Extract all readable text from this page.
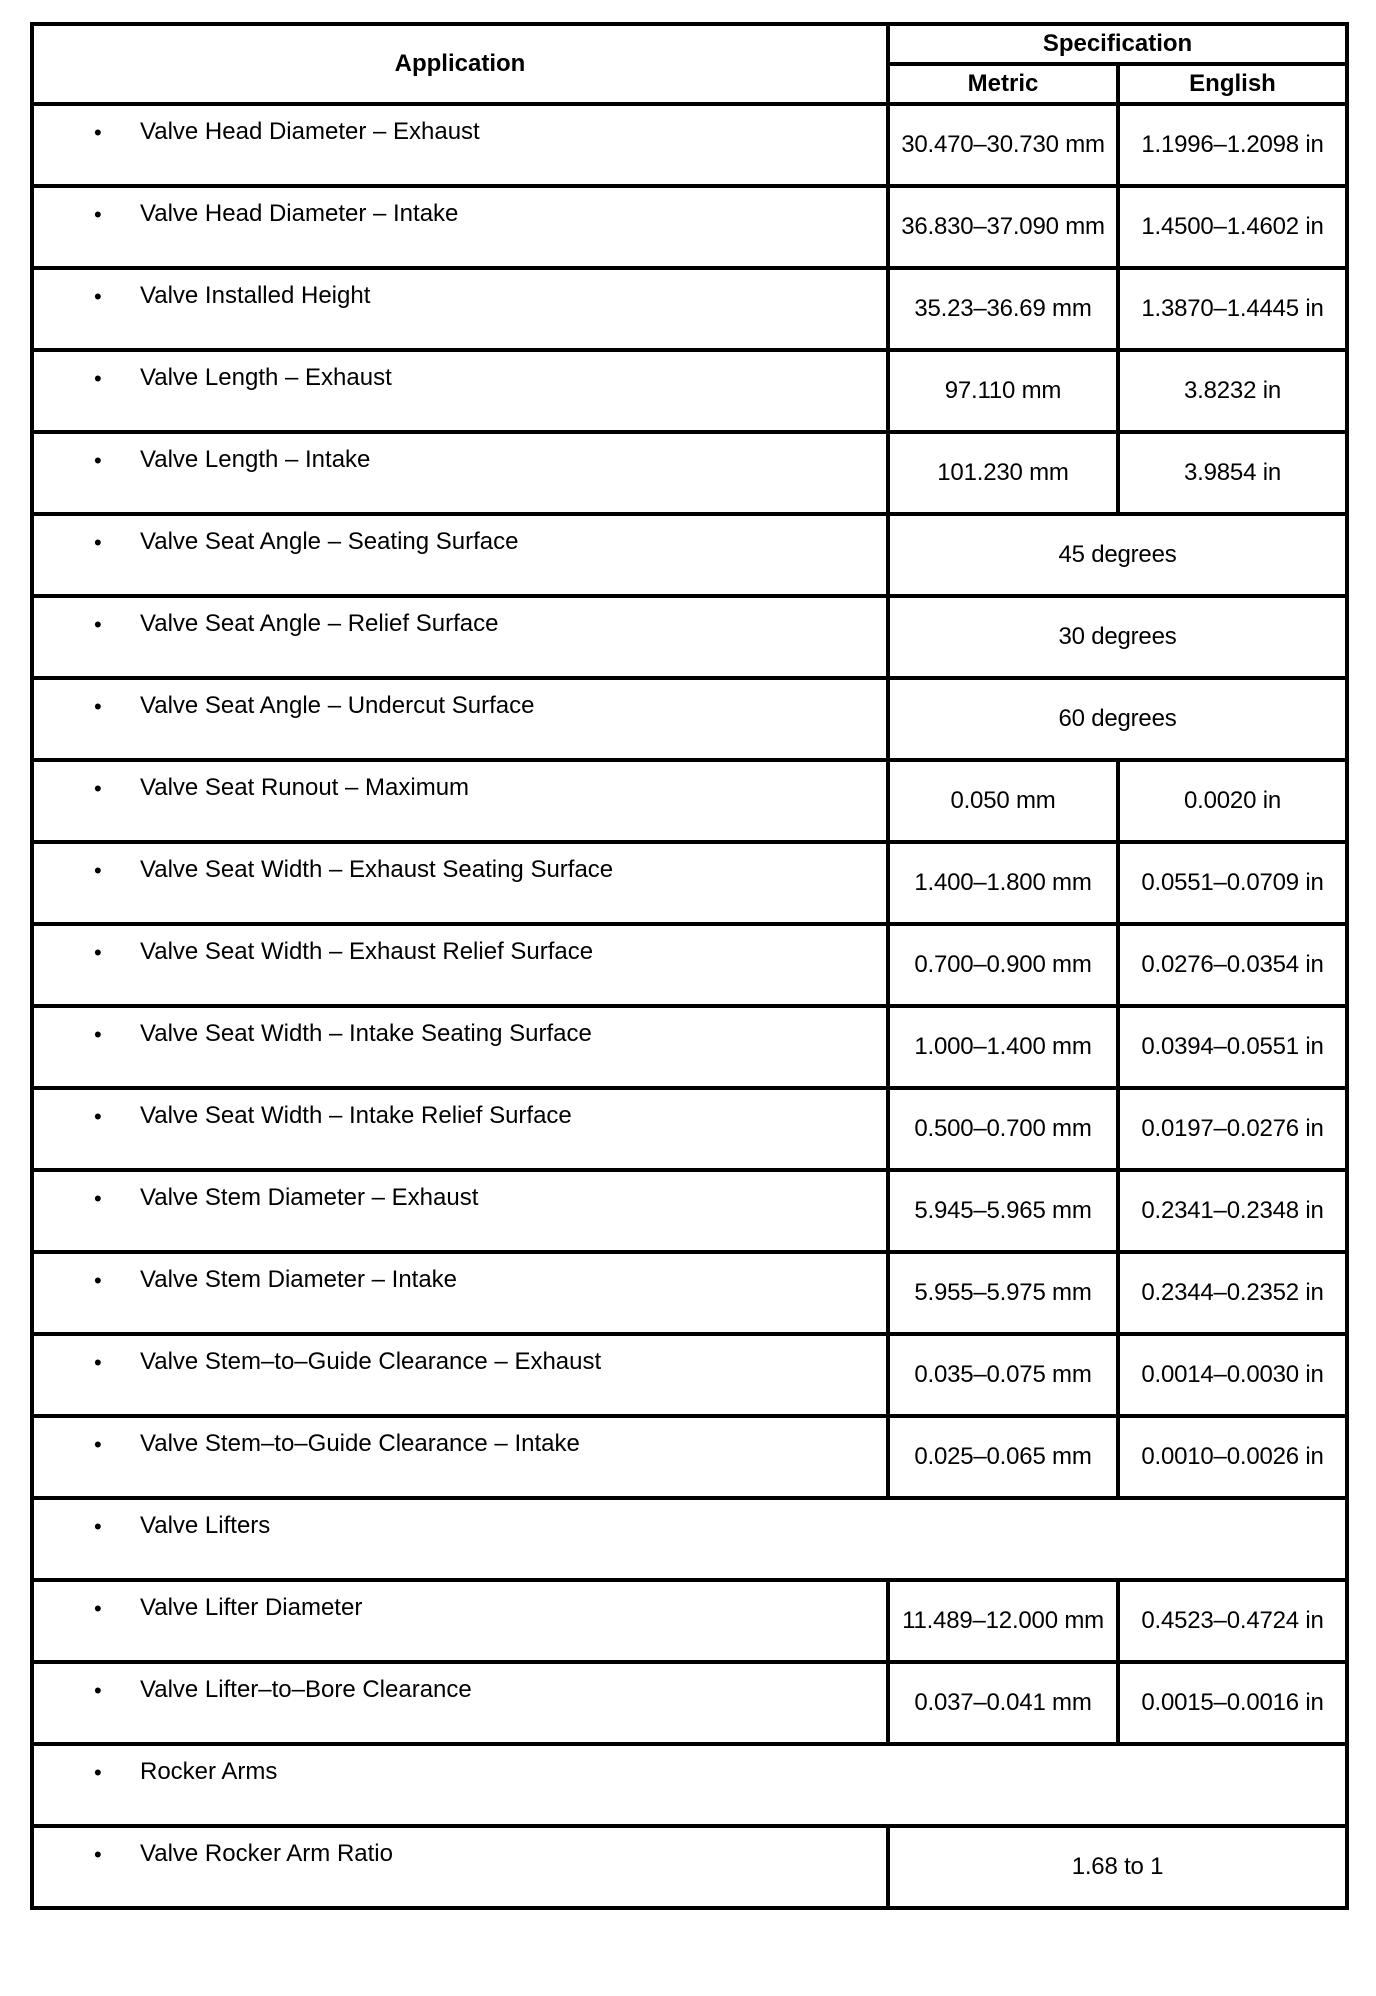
Application	Specification	
	Metric	English

• Valve Head Diameter – Exhaust	30.470–30.730 mm	1.1996–1.2098 in

• Valve Head Diameter – Intake	36.830–37.090 mm	1.4500–1.4602 in

• Valve Installed Height	35.23–36.69 mm	1.3870–1.4445 in

• Valve Length – Exhaust	97.110 mm	3.8232 in

• Valve Length – Intake	101.230 mm	3.9854 in

• Valve Seat Angle – Seating Surface	45 degrees	

• Valve Seat Angle – Relief Surface	30 degrees	

• Valve Seat Angle – Undercut Surface	60 degrees	

• Valve Seat Runout – Maximum	0.050 mm	0.0020 in

• Valve Seat Width – Exhaust Seating Surface	1.400–1.800 mm	0.0551–0.0709 in

• Valve Seat Width – Exhaust Relief Surface	0.700–0.900 mm	0.0276–0.0354 in

• Valve Seat Width – Intake Seating Surface	1.000–1.400 mm	0.0394–0.0551 in

• Valve Seat Width – Intake Relief Surface	0.500–0.700 mm	0.0197–0.0276 in

• Valve Stem Diameter – Exhaust	5.945–5.965 mm	0.2341–0.2348 in

• Valve Stem Diameter – Intake	5.955–5.975 mm	0.2344–0.2352 in

• Valve Stem–to–Guide Clearance – Exhaust	0.035–0.075 mm	0.0014–0.0030 in

• Valve Stem–to–Guide Clearance – Intake	0.025–0.065 mm	0.0010–0.0026 in

• Valve Lifters		

• Valve Lifter Diameter	11.489–12.000 mm	0.4523–0.4724 in

• Valve Lifter–to–Bore Clearance	0.037–0.041 mm	0.0015–0.0016 in

• Rocker Arms		

• Valve Rocker Arm Ratio	1.68 to 1	
